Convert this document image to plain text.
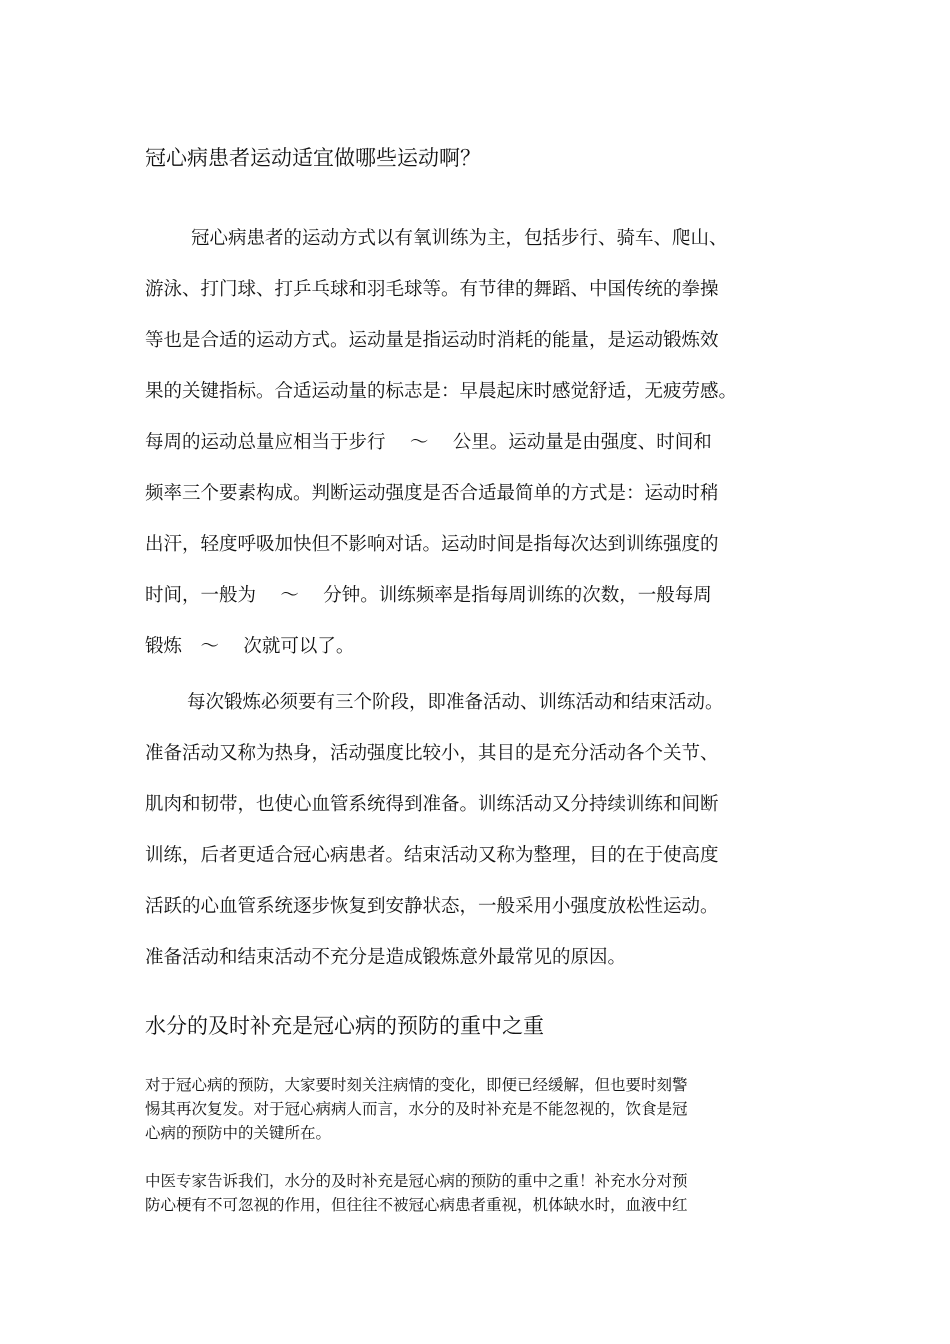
冠心病患者运动适宜做哪些运动啊？
冠心病患者的运动方式以有氧训练为主，包括步行、骑车、爬山、
游泳、打门球、打乒乓球和羽毛球等。有节律的舞蹈、中国传统的拳操
等也是合适的运动方式。运动量是指运动时消耗的能量，是运动锻炼效
果的关键指标。合适运动量的标志是：早晨起床时感觉舒适，无疲劳感。
每周的运动总量应相当于步行　 ～　 公里。运动量是由强度、时间和
频率三个要素构成。判断运动强度是否合适最简单的方式是：运动时稍
出汗，轻度呼吸加快但不影响对话。运动时间是指每次达到训练强度的
时间，一般为　 ～　 分钟。训练频率是指每周训练的次数，一般每周
锻炼　～　 次就可以了。
每次锻炼必须要有三个阶段，即准备活动、训练活动和结束活动。
准备活动又称为热身，活动强度比较小，其目的是充分活动各个关节、
肌肉和韧带，也使心血管系统得到准备。训练活动又分持续训练和间断
训练，后者更适合冠心病患者。结束活动又称为整理，目的在于使高度
活跃的心血管系统逐步恢复到安静状态，一般采用小强度放松性运动。
准备活动和结束活动不充分是造成锻炼意外最常见的原因。
水分的及时补充是冠心病的预防的重中之重
对于冠心病的预防，大家要时刻关注病情的变化，即便已经缓解，但也要时刻警
惕其再次复发。对于冠心病病人而言，水分的及时补充是不能忽视的，饮食是冠
心病的预防中的关键所在。
中医专家告诉我们，水分的及时补充是冠心病的预防的重中之重！补充水分对预
防心梗有不可忽视的作用，但往往不被冠心病患者重视，机体缺水时，血液中红
